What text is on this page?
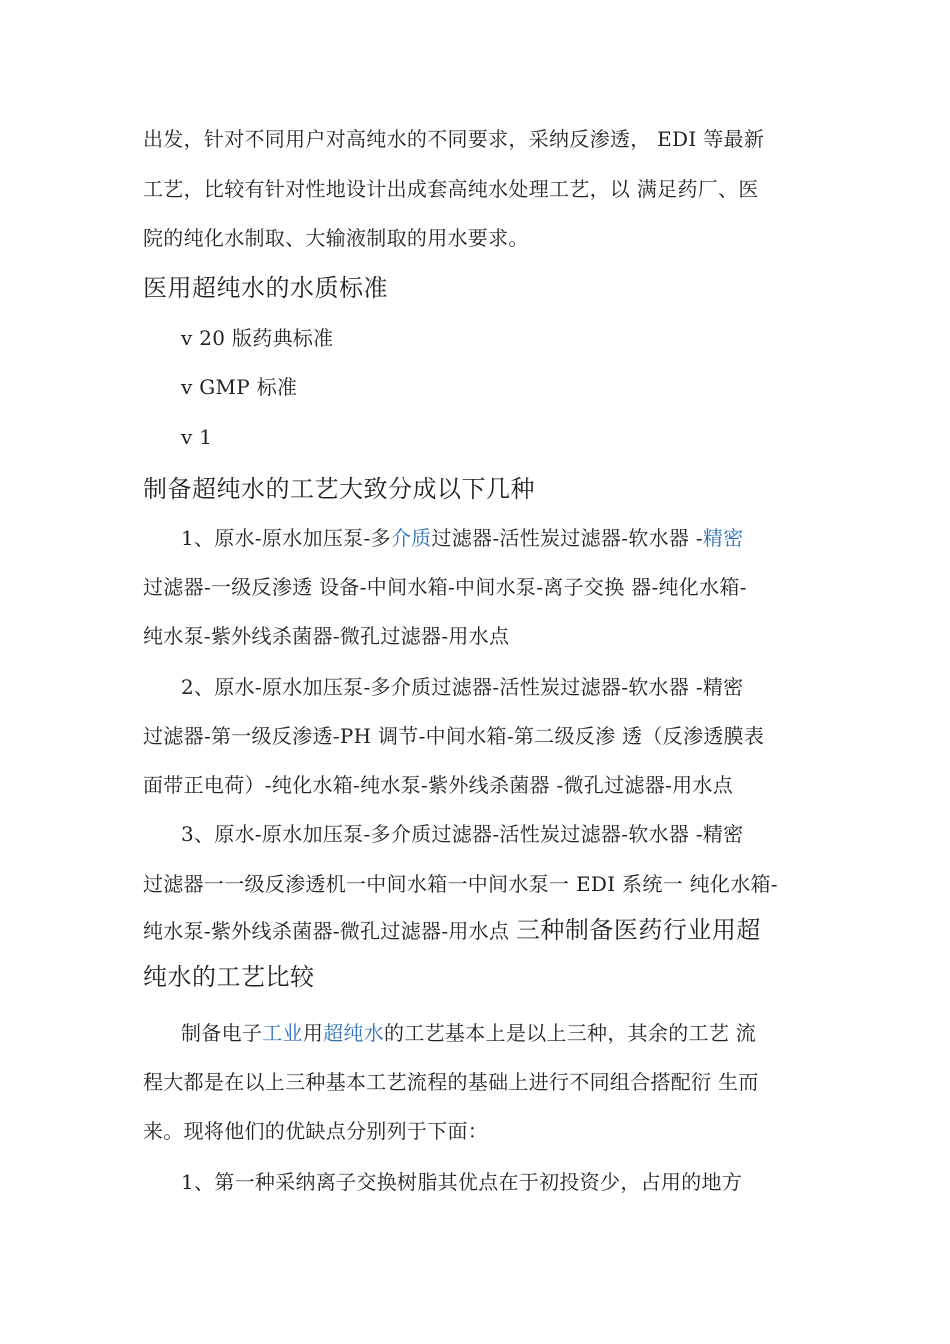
出发，针对不同用户对高纯水的不同要求，采纳反渗透， EDI 等最新
工艺，比较有针对性地设计出成套高纯水处理工艺，以 满足药厂、医
院的纯化水制取、大输液制取的用水要求。
医用超纯水的水质标准
v 20 版药典标准
v GMP 标准
v 1
制备超纯水的工艺大致分成以下几种
1、原水-原水加压泵-多介质过滤器-活性炭过滤器-软水器 -精密
过滤器-一级反渗透 设备-中间水箱-中间水泵-离子交换 器-纯化水箱-
纯水泵-紫外线杀菌器-微孔过滤器-用水点
2、原水-原水加压泵-多介质过滤器-活性炭过滤器-软水器 -精密
过滤器-第一级反渗透-PH 调节-中间水箱-第二级反渗 透（反渗透膜表
面带正电荷）-纯化水箱-纯水泵-紫外线杀菌器 -微孔过滤器-用水点
3、原水-原水加压泵-多介质过滤器-活性炭过滤器-软水器 -精密
过滤器一一级反渗透机一中间水箱一中间水泵一 EDI 系统一 纯化水箱-
纯水泵-紫外线杀菌器-微孔过滤器-用水点 三种制备医药行业用超
纯水的工艺比较
制备电子工业用超纯水的工艺基本上是以上三种，其余的工艺 流
程大都是在以上三种基本工艺流程的基础上进行不同组合搭配衍 生而
来。现将他们的优缺点分别列于下面：
1、第一种采纳离子交换树脂其优点在于初投资少，占用的地方
